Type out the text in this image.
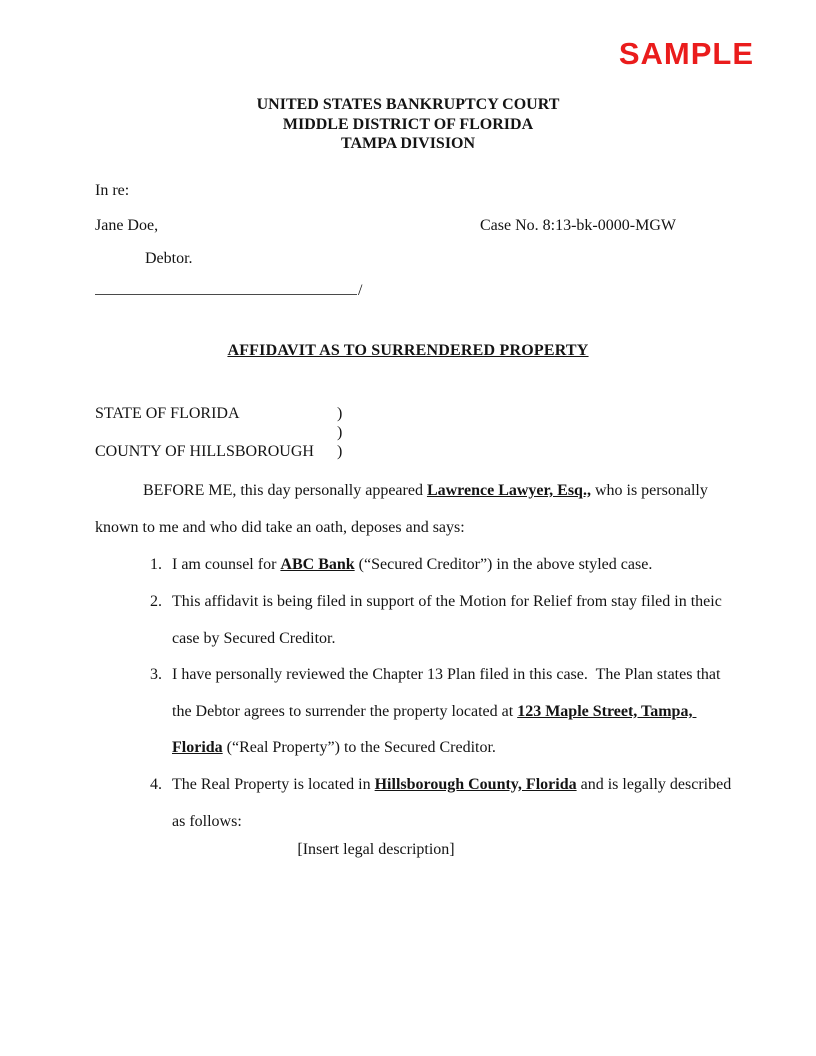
SAMPLE
UNITED STATES BANKRUPTCY COURT
MIDDLE DISTRICT OF FLORIDA
TAMPA DIVISION
In re:
Jane Doe,	Case No. 8:13-bk-0000-MGW
Debtor.
/
AFFIDAVIT AS TO SURRENDERED PROPERTY
STATE OF FLORIDA	)
)
COUNTY OF HILLSBOROUGH )
BEFORE ME, this day personally appeared Lawrence Lawyer, Esq., who is personally known to me and who did take an oath, deposes and says:
1. I am counsel for ABC Bank (“Secured Creditor”) in the above styled case.
2. This affidavit is being filed in support of the Motion for Relief from stay filed in theic case by Secured Creditor.
3. I have personally reviewed the Chapter 13 Plan filed in this case.  The Plan states that the Debtor agrees to surrender the property located at 123 Maple Street, Tampa, Florida (“Real Property”) to the Secured Creditor.
4. The Real Property is located in Hillsborough County, Florida and is legally described as follows:
[Insert legal description]
